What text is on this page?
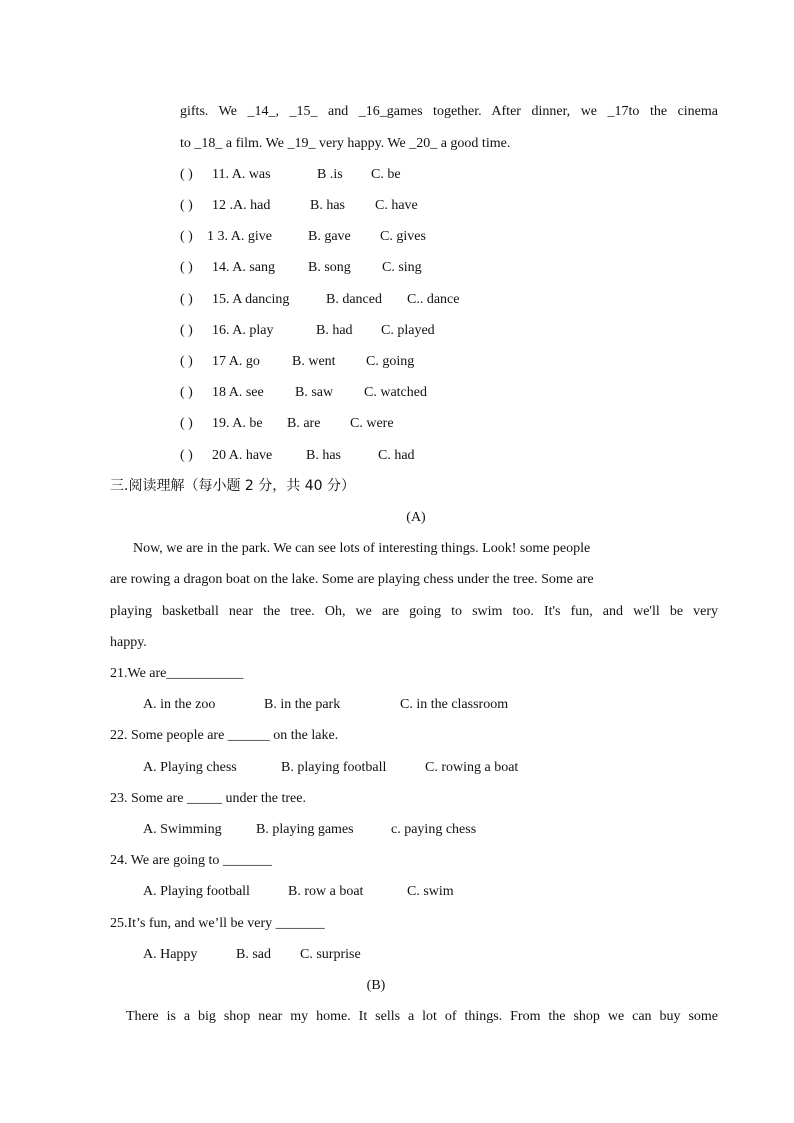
gifts. We _14_, _15_ and _16_games together. After dinner, we _17to the cinema
to _18_ a film. We _19_ very happy. We _20_ a good time.
( ) 11. A. was	B .is C. be
( ) 12 .A. had	B. has C. have
( ) 1 3. A. give	B. gave C. gives
( ) 14. A. sang B. song C. sing
( ) 15. A dancing	B. danced C.. dance
( ) 16. A. play	B. had C. played
( ) 17 A. go B. went C. going
( ) 18 A. see B. saw C. watched
( ) 19. A. be B. are C. were
( ) 20 A. have B. has	C. had
三.阅读理解（每小题 2 分，共 40 分）
(A)
Now, we are in the park. We can see lots of interesting things. Look! some people
are rowing a dragon boat on the lake. Some are playing chess under the tree. Some are
playing basketball near the tree. Oh, we are going to swim too. It's fun, and we'll be very
happy.
21.We are___________
A. in the zoo	B. in the park	C. in the classroom
22. Some people are ______ on the lake.
A. Playing chess	B. playing football	C. rowing a boat
23. Some are _____ under the tree.
A. Swimming B. playing games	c. paying chess
24. We are going to _______
A. Playing football	B. row a boat	C. swim
25.It’s fun, and we’ll be very _______
A. Happy	B. sad C. surprise
(B)
There is a big shop near my home. It sells a lot of things. From the shop we can buy some
